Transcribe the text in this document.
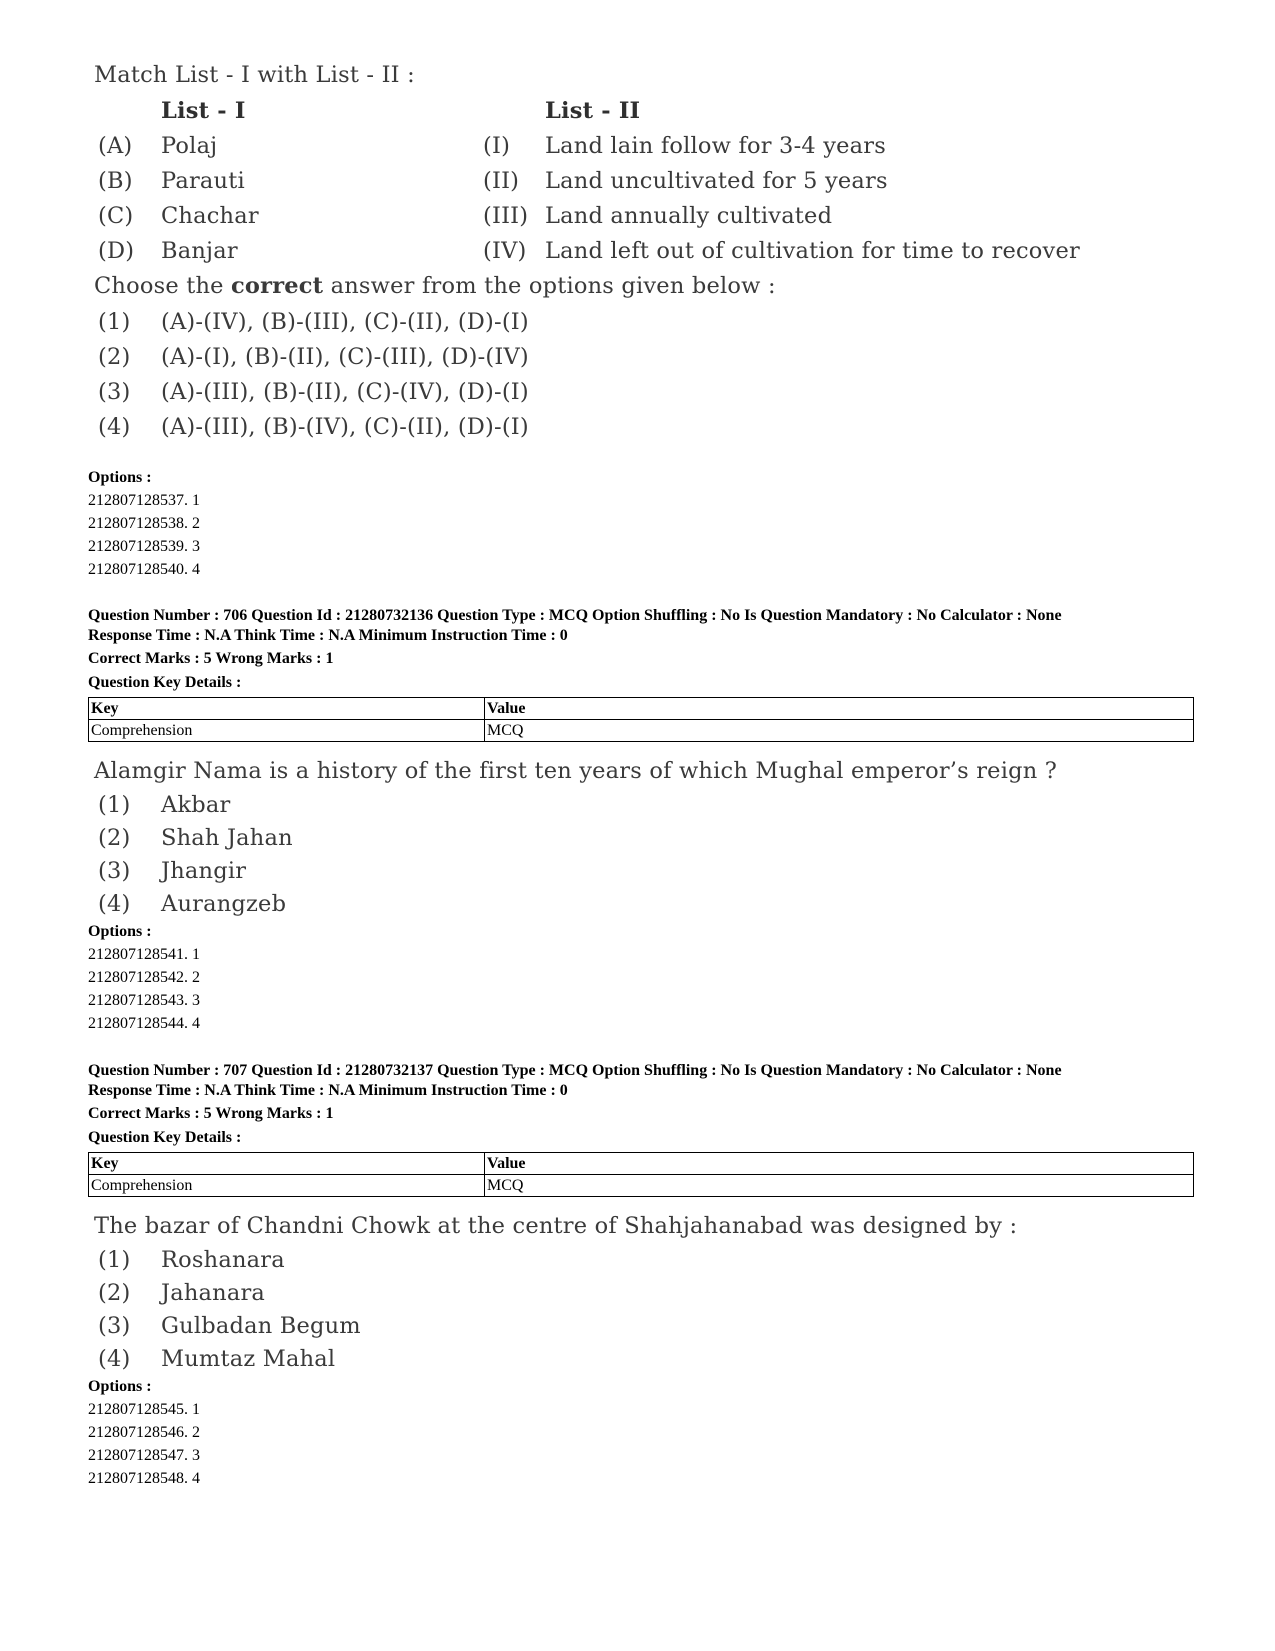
Match List - I with List - II :
List - I	List - II
(A) Polaj	(I) Land lain follow for 3-4 years
(B) Parauti	(II) Land uncultivated for 5 years
(C) Chachar	(III) Land annually cultivated
(D) Banjar	(IV) Land left out of cultivation for time to recover
Choose the correct answer from the options given below :
(1) (A)-(IV), (B)-(III), (C)-(II), (D)-(I)
(2) (A)-(I), (B)-(II), (C)-(III), (D)-(IV)
(3) (A)-(III), (B)-(II), (C)-(IV), (D)-(I)
(4) (A)-(III), (B)-(IV), (C)-(II), (D)-(I)
Options :
212807128537. 1
212807128538. 2
212807128539. 3
212807128540. 4
Question Number : 706 Question Id : 21280732136 Question Type : MCQ Option Shuffling : No Is Question Mandatory : No Calculator : None
Response Time : N.A Think Time : N.A Minimum Instruction Time : 0
Correct Marks : 5 Wrong Marks : 1
Question Key Details :
Key	Value
Comprehension	MCQ
Alamgir Nama is a history of the first ten years of which Mughal emperor’s reign ?
(1) Akbar
(2) Shah Jahan
(3) Jhangir
(4) Aurangzeb
Options :
212807128541. 1
212807128542. 2
212807128543. 3
212807128544. 4
Question Number : 707 Question Id : 21280732137 Question Type : MCQ Option Shuffling : No Is Question Mandatory : No Calculator : None
Response Time : N.A Think Time : N.A Minimum Instruction Time : 0
Correct Marks : 5 Wrong Marks : 1
Question Key Details :
Key	Value
Comprehension	MCQ
The bazar of Chandni Chowk at the centre of Shahjahanabad was designed by :
(1) Roshanara
(2) Jahanara
(3) Gulbadan Begum
(4) Mumtaz Mahal
Options :
212807128545. 1
212807128546. 2
212807128547. 3
212807128548. 4
